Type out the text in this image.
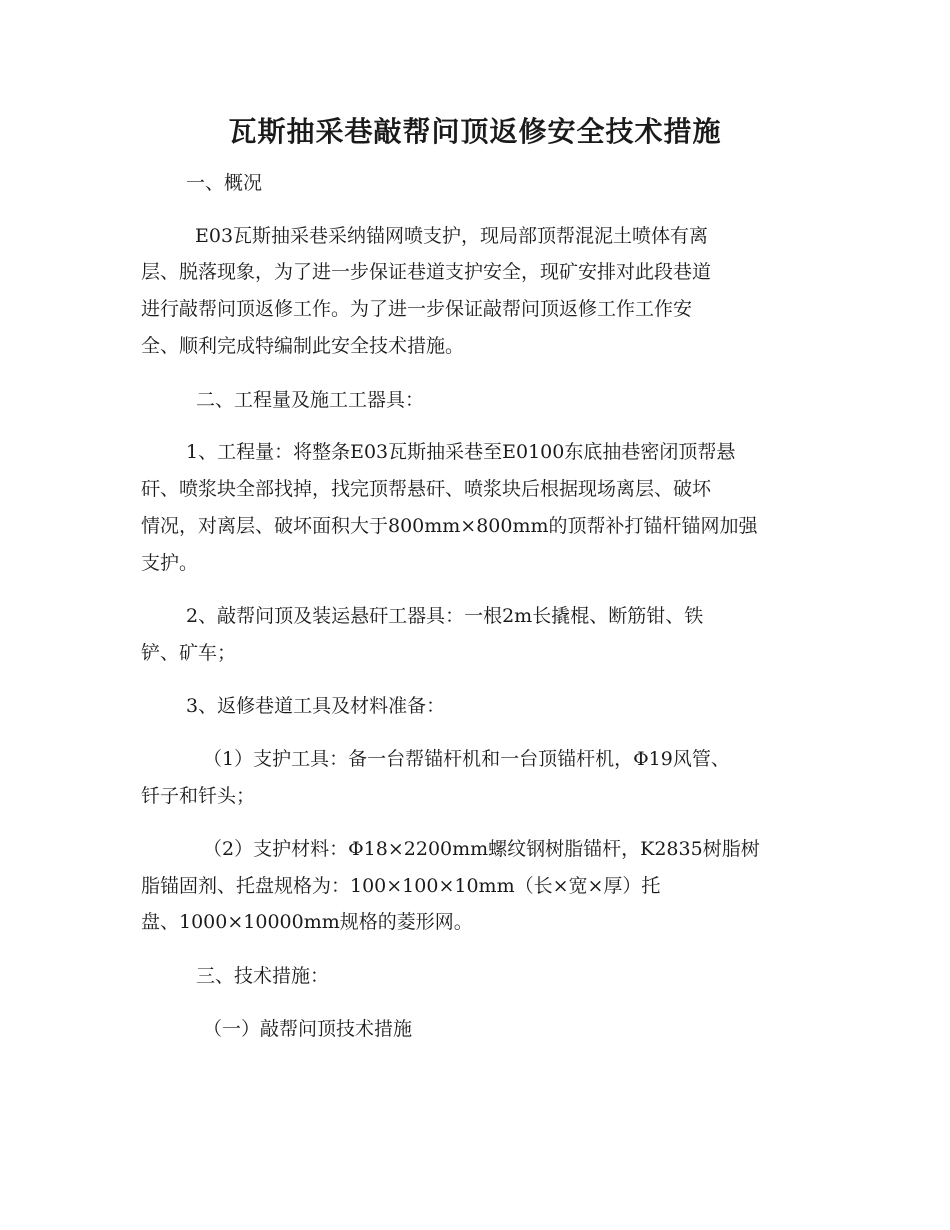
瓦斯抽采巷敲帮问顶返修安全技术措施

一、概况

E03瓦斯抽采巷采纳锚网喷支护，现局部顶帮混泥土喷体有离

层、脱落现象，为了进一步保证巷道支护安全，现矿安排对此段巷道

进行敲帮问顶返修工作。为了进一步保证敲帮问顶返修工作工作安

全、顺利完成特编制此安全技术措施。

二、工程量及施工工器具：

1、工程量：将整条E03瓦斯抽采巷至E0100东底抽巷密闭顶帮悬

矸、喷浆块全部找掉，找完顶帮悬矸、喷浆块后根据现场离层、破坏

情况，对离层、破坏面积大于800mm×800mm的顶帮补打锚杆锚网加强

支护。

2、敲帮问顶及装运悬矸工器具：一根2m长撬棍、断筋钳、铁

铲、矿车；

3、返修巷道工具及材料准备：

（1）支护工具：备一台帮锚杆机和一台顶锚杆机，Φ19风管、

钎子和钎头；

（2）支护材料：Φ18×2200mm螺纹钢树脂锚杆，K2835树脂树

脂锚固剂、托盘规格为：100×100×10mm（长×宽×厚）托

盘、1000×10000mm规格的菱形网。

三、技术措施：

（一）敲帮问顶技术措施
